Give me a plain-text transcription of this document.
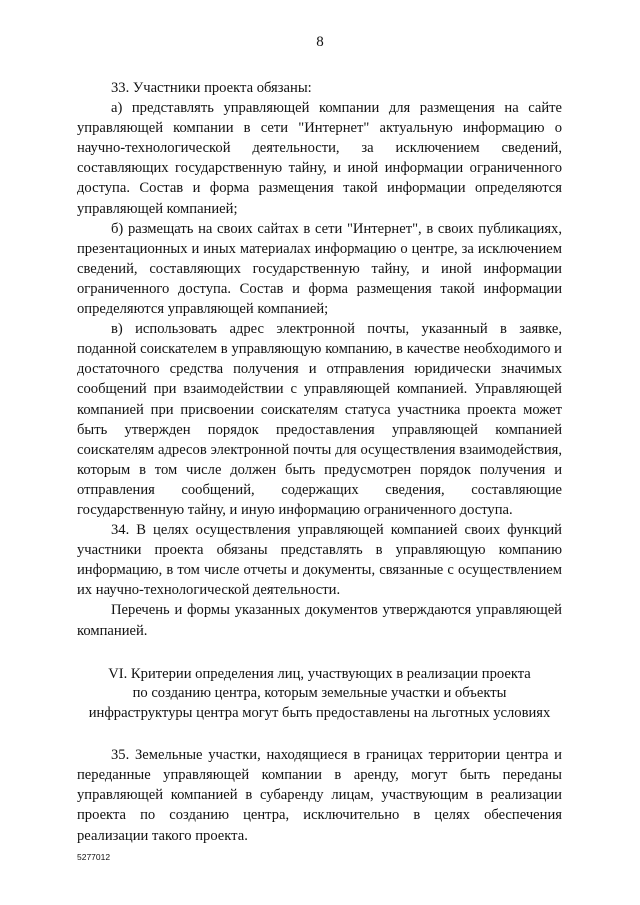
8

33. Участники проекта обязаны:

а) представлять управляющей компании для размещения на сайте управляющей компании в сети "Интернет" актуальную информацию о научно-технологической деятельности, за исключением сведений, составляющих государственную тайну, и иной информации ограниченного доступа. Состав и форма размещения такой информации определяются управляющей компанией;

б) размещать на своих сайтах в сети "Интернет", в своих публикациях, презентационных и иных материалах информацию о центре, за исключением сведений, составляющих государственную тайну, и иной информации ограниченного доступа. Состав и форма размещения такой информации определяются управляющей компанией;

в) использовать адрес электронной почты, указанный в заявке, поданной соискателем в управляющую компанию, в качестве необходимого и достаточного средства получения и отправления юридически значимых сообщений при взаимодействии с управляющей компанией. Управляющей компанией при присвоении соискателям статуса участника проекта может быть утвержден порядок предоставления управляющей компанией соискателям адресов электронной почты для осуществления взаимодействия, которым в том числе должен быть предусмотрен порядок получения и отправления сообщений, содержащих сведения, составляющие государственную тайну, и иную информацию ограниченного доступа.

34. В целях осуществления управляющей компанией своих функций участники проекта обязаны представлять в управляющую компанию информацию, в том числе отчеты и документы, связанные с осуществлением их научно-технологической деятельности.

Перечень и формы указанных документов утверждаются управляющей компанией.

VI. Критерии определения лиц, участвующих в реализации проекта
по созданию центра, которым земельные участки и объекты
инфраструктуры центра могут быть предоставлены на льготных условиях

35. Земельные участки, находящиеся в границах территории центра и переданные управляющей компании в аренду, могут быть переданы управляющей компанией в субаренду лицам, участвующим в реализации проекта по созданию центра, исключительно в целях обеспечения реализации такого проекта.

5277012
